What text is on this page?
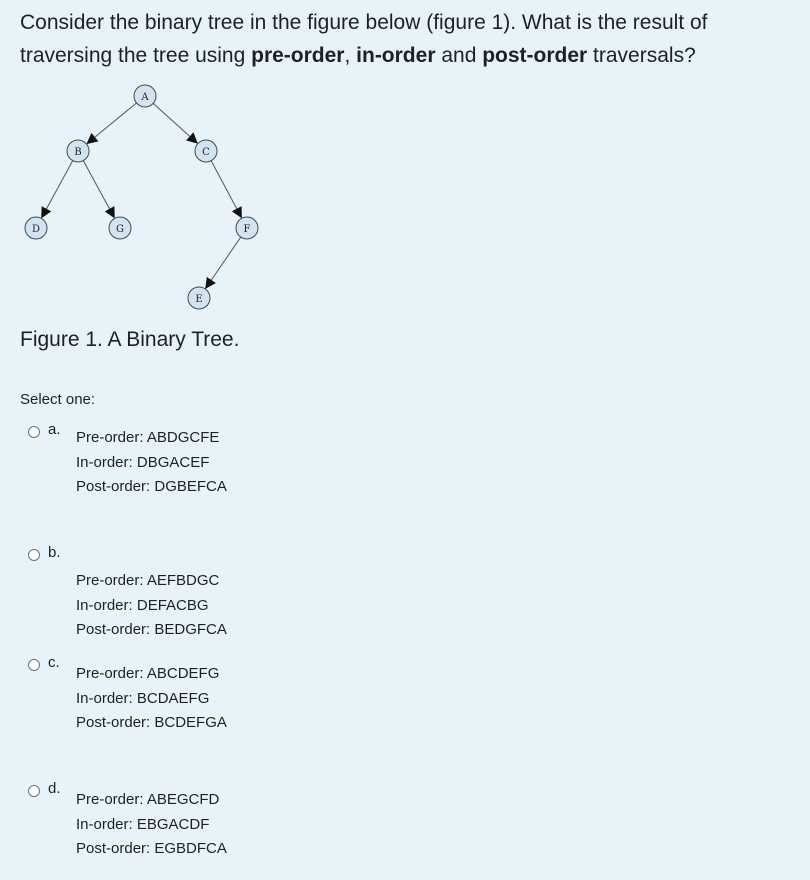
Consider the binary tree in the figure below (figure 1). What is the result of traversing the tree using pre-order, in-order and post-order traversals?
A
B	C
D	G	F
E
Figure 1. A Binary Tree.
Select one:
a. Pre-order: ABDGCFE
In-order: DBGACEF
Post-order: DGBEFCA
b.
Pre-order: AEFBDGC
In-order: DEFACBG
Post-order: BEDGFCA
c.
Pre-order: ABCDEFG
In-order: BCDAEFG
Post-order: BCDEFGA
d.
Pre-order: ABEGCFD
In-order: EBGACDF
Post-order: EGBDFCA
